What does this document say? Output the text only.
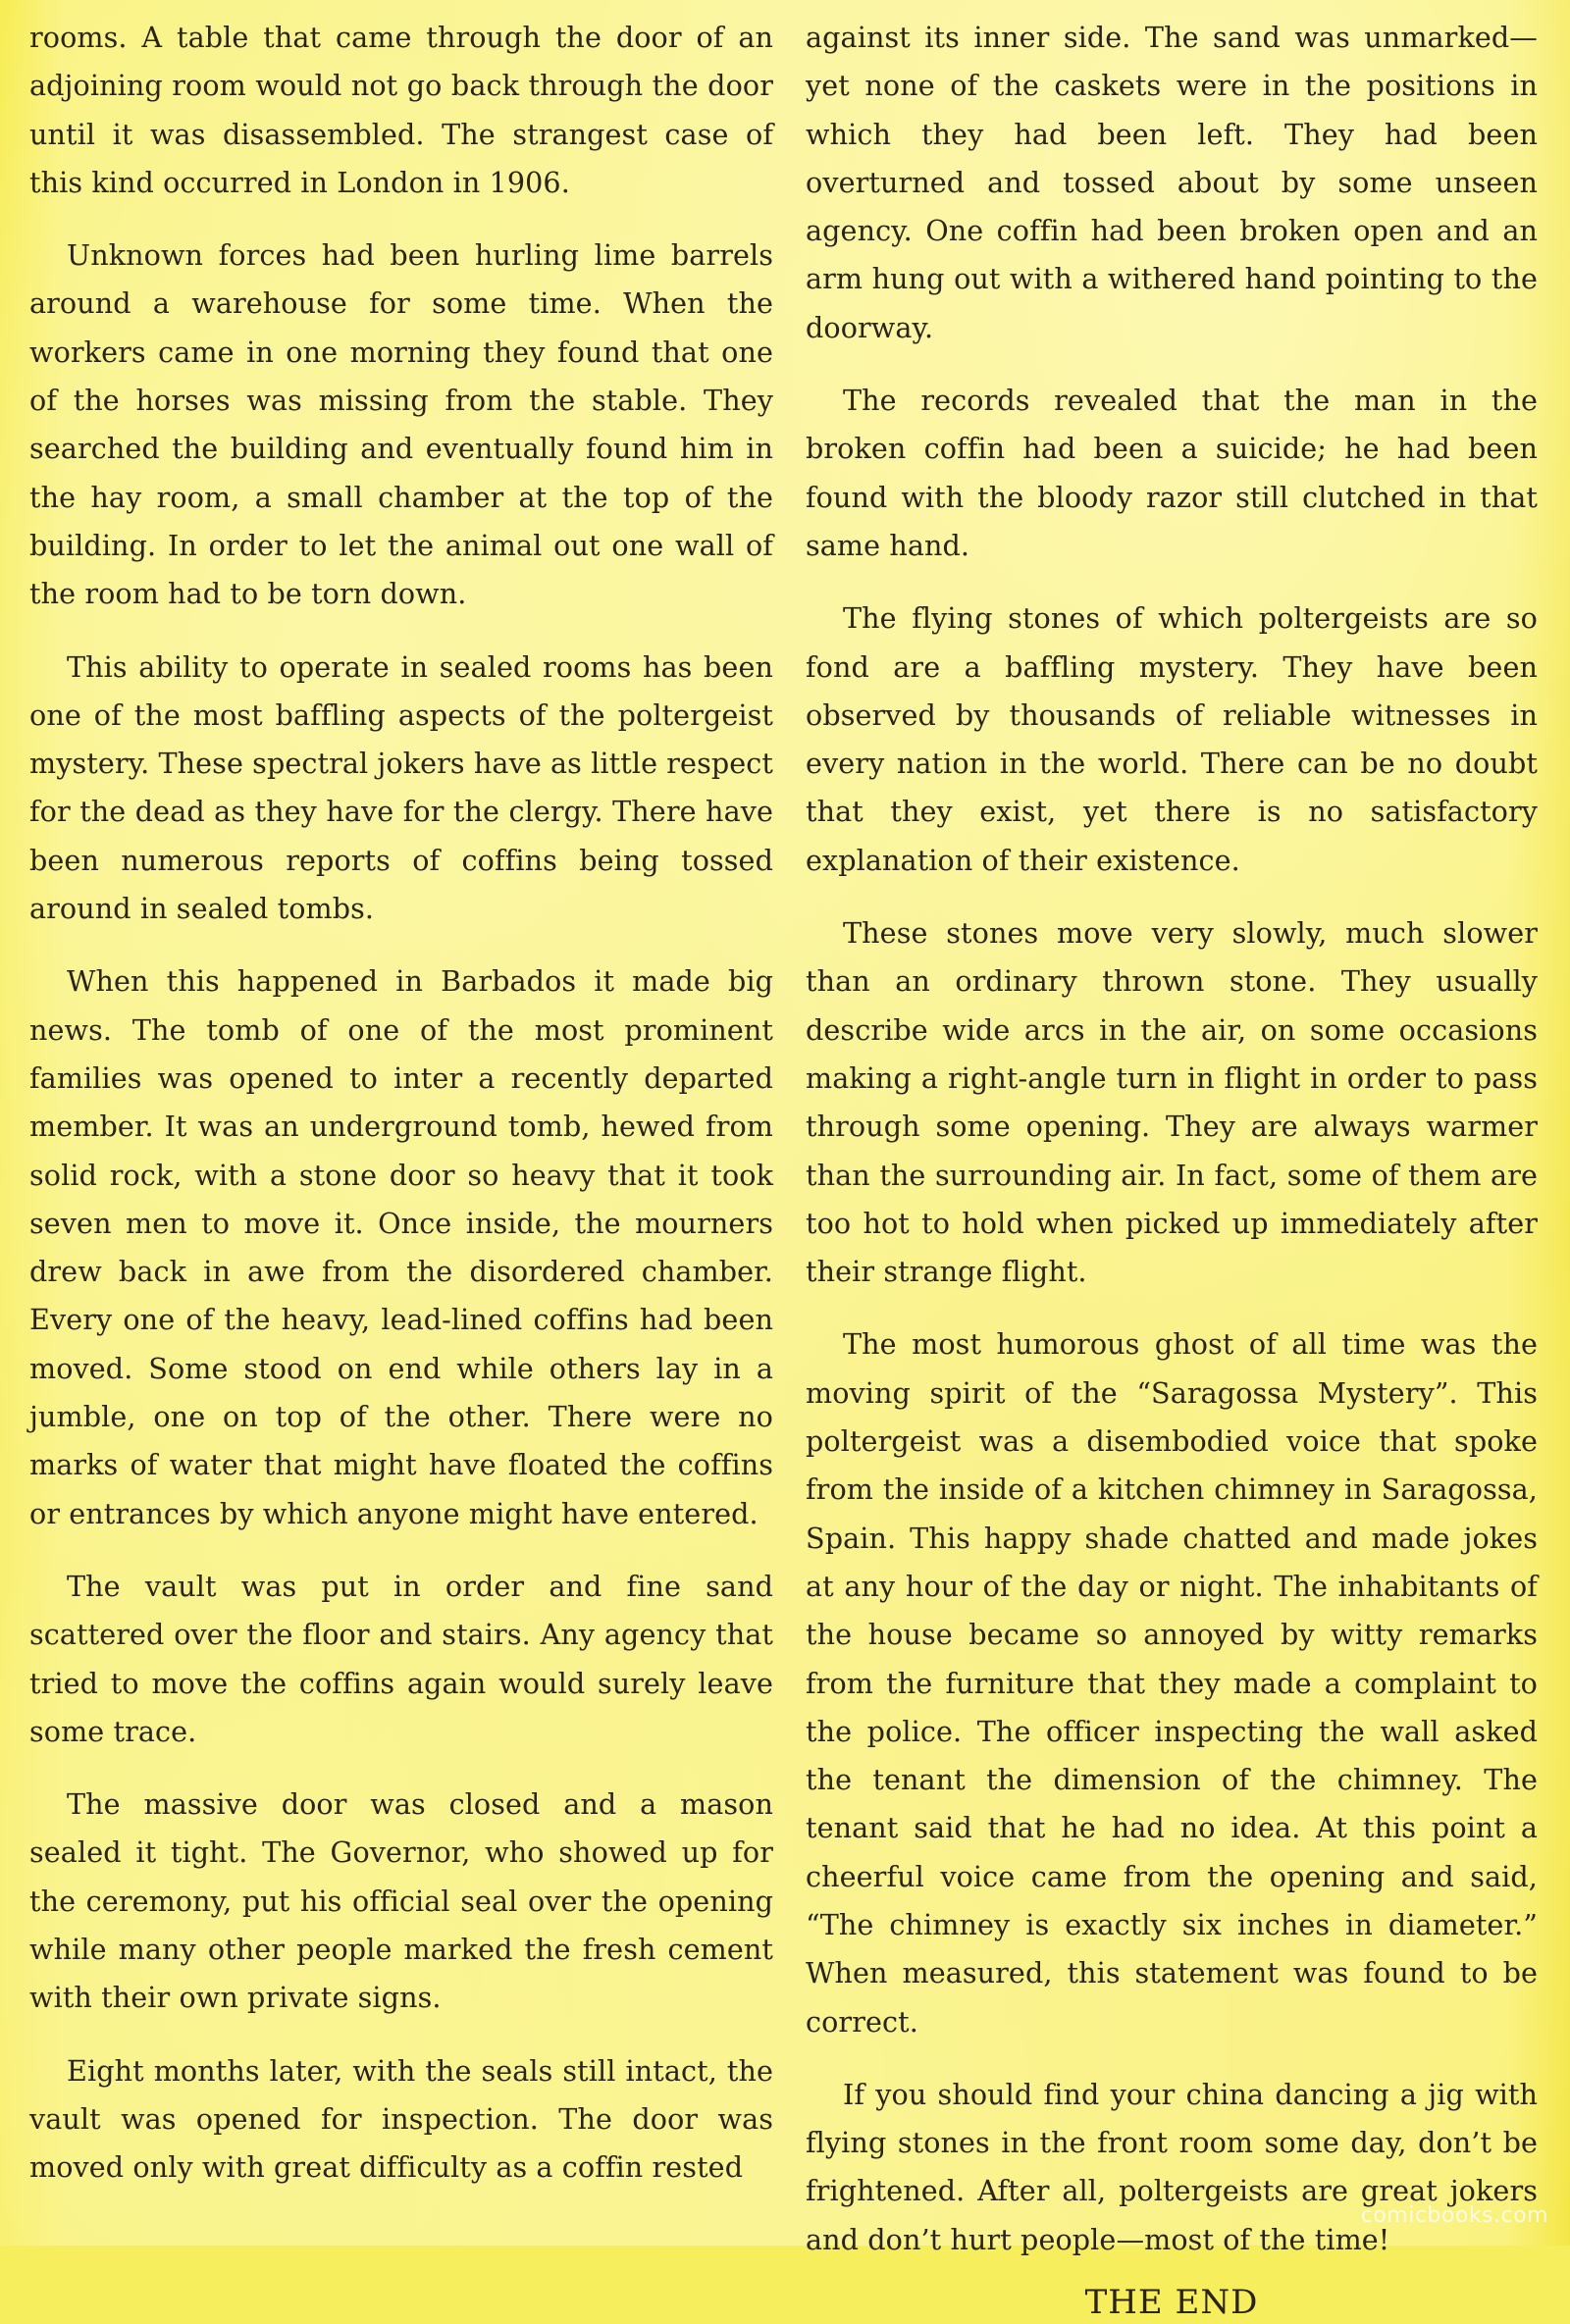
rooms. A table that came through the door of an adjoining room would not go back through the door until it was disassembled. The strangest case of this kind occurred in London in 1906.

Unknown forces had been hurling lime barrels around a warehouse for some time. When the workers came in one morning they found that one of the horses was missing from the stable. They searched the building and eventually found him in the hay room, a small chamber at the top of the building. In order to let the animal out one wall of the room had to be torn down.

This ability to operate in sealed rooms has been one of the most baffling aspects of the poltergeist mystery. These spectral jokers have as little respect for the dead as they have for the clergy. There have been numerous reports of coffins being tossed around in sealed tombs.

When this happened in Barbados it made big news. The tomb of one of the most prominent families was opened to inter a recently departed member. It was an underground tomb, hewed from solid rock, with a stone door so heavy that it took seven men to move it. Once inside, the mourners drew back in awe from the disordered chamber. Every one of the heavy, lead-lined coffins had been moved. Some stood on end while others lay in a jumble, one on top of the other. There were no marks of water that might have floated the coffins or entrances by which anyone might have entered.

The vault was put in order and fine sand scattered over the floor and stairs. Any agency that tried to move the coffins again would surely leave some trace.

The massive door was closed and a mason sealed it tight. The Governor, who showed up for the ceremony, put his official seal over the opening while many other people marked the fresh cement with their own private signs.

Eight months later, with the seals still intact, the vault was opened for inspection. The door was moved only with great difficulty as a coffin rested

against its inner side. The sand was unmarked—yet none of the caskets were in the positions in which they had been left. They had been overturned and tossed about by some unseen agency. One coffin had been broken open and an arm hung out with a withered hand pointing to the doorway.

The records revealed that the man in the broken coffin had been a suicide; he had been found with the bloody razor still clutched in that same hand.

The flying stones of which poltergeists are so fond are a baffling mystery. They have been observed by thousands of reliable witnesses in every nation in the world. There can be no doubt that they exist, yet there is no satisfactory explanation of their existence.

These stones move very slowly, much slower than an ordinary thrown stone. They usually describe wide arcs in the air, on some occasions making a right-angle turn in flight in order to pass through some opening. They are always warmer than the surrounding air. In fact, some of them are too hot to hold when picked up immediately after their strange flight.

The most humorous ghost of all time was the moving spirit of the “Saragossa Mystery”. This poltergeist was a disembodied voice that spoke from the inside of a kitchen chimney in Saragossa, Spain. This happy shade chatted and made jokes at any hour of the day or night. The inhabitants of the house became so annoyed by witty remarks from the furniture that they made a complaint to the police. The officer inspecting the wall asked the tenant the dimension of the chimney. The tenant said that he had no idea. At this point a cheerful voice came from the opening and said, “The chimney is exactly six inches in diameter.” When measured, this statement was found to be correct.

If you should find your china dancing a jig with flying stones in the front room some day, don’t be frightened. After all, poltergeists are great jokers and don’t hurt people—most of the time!

THE END
comicbooks.com
